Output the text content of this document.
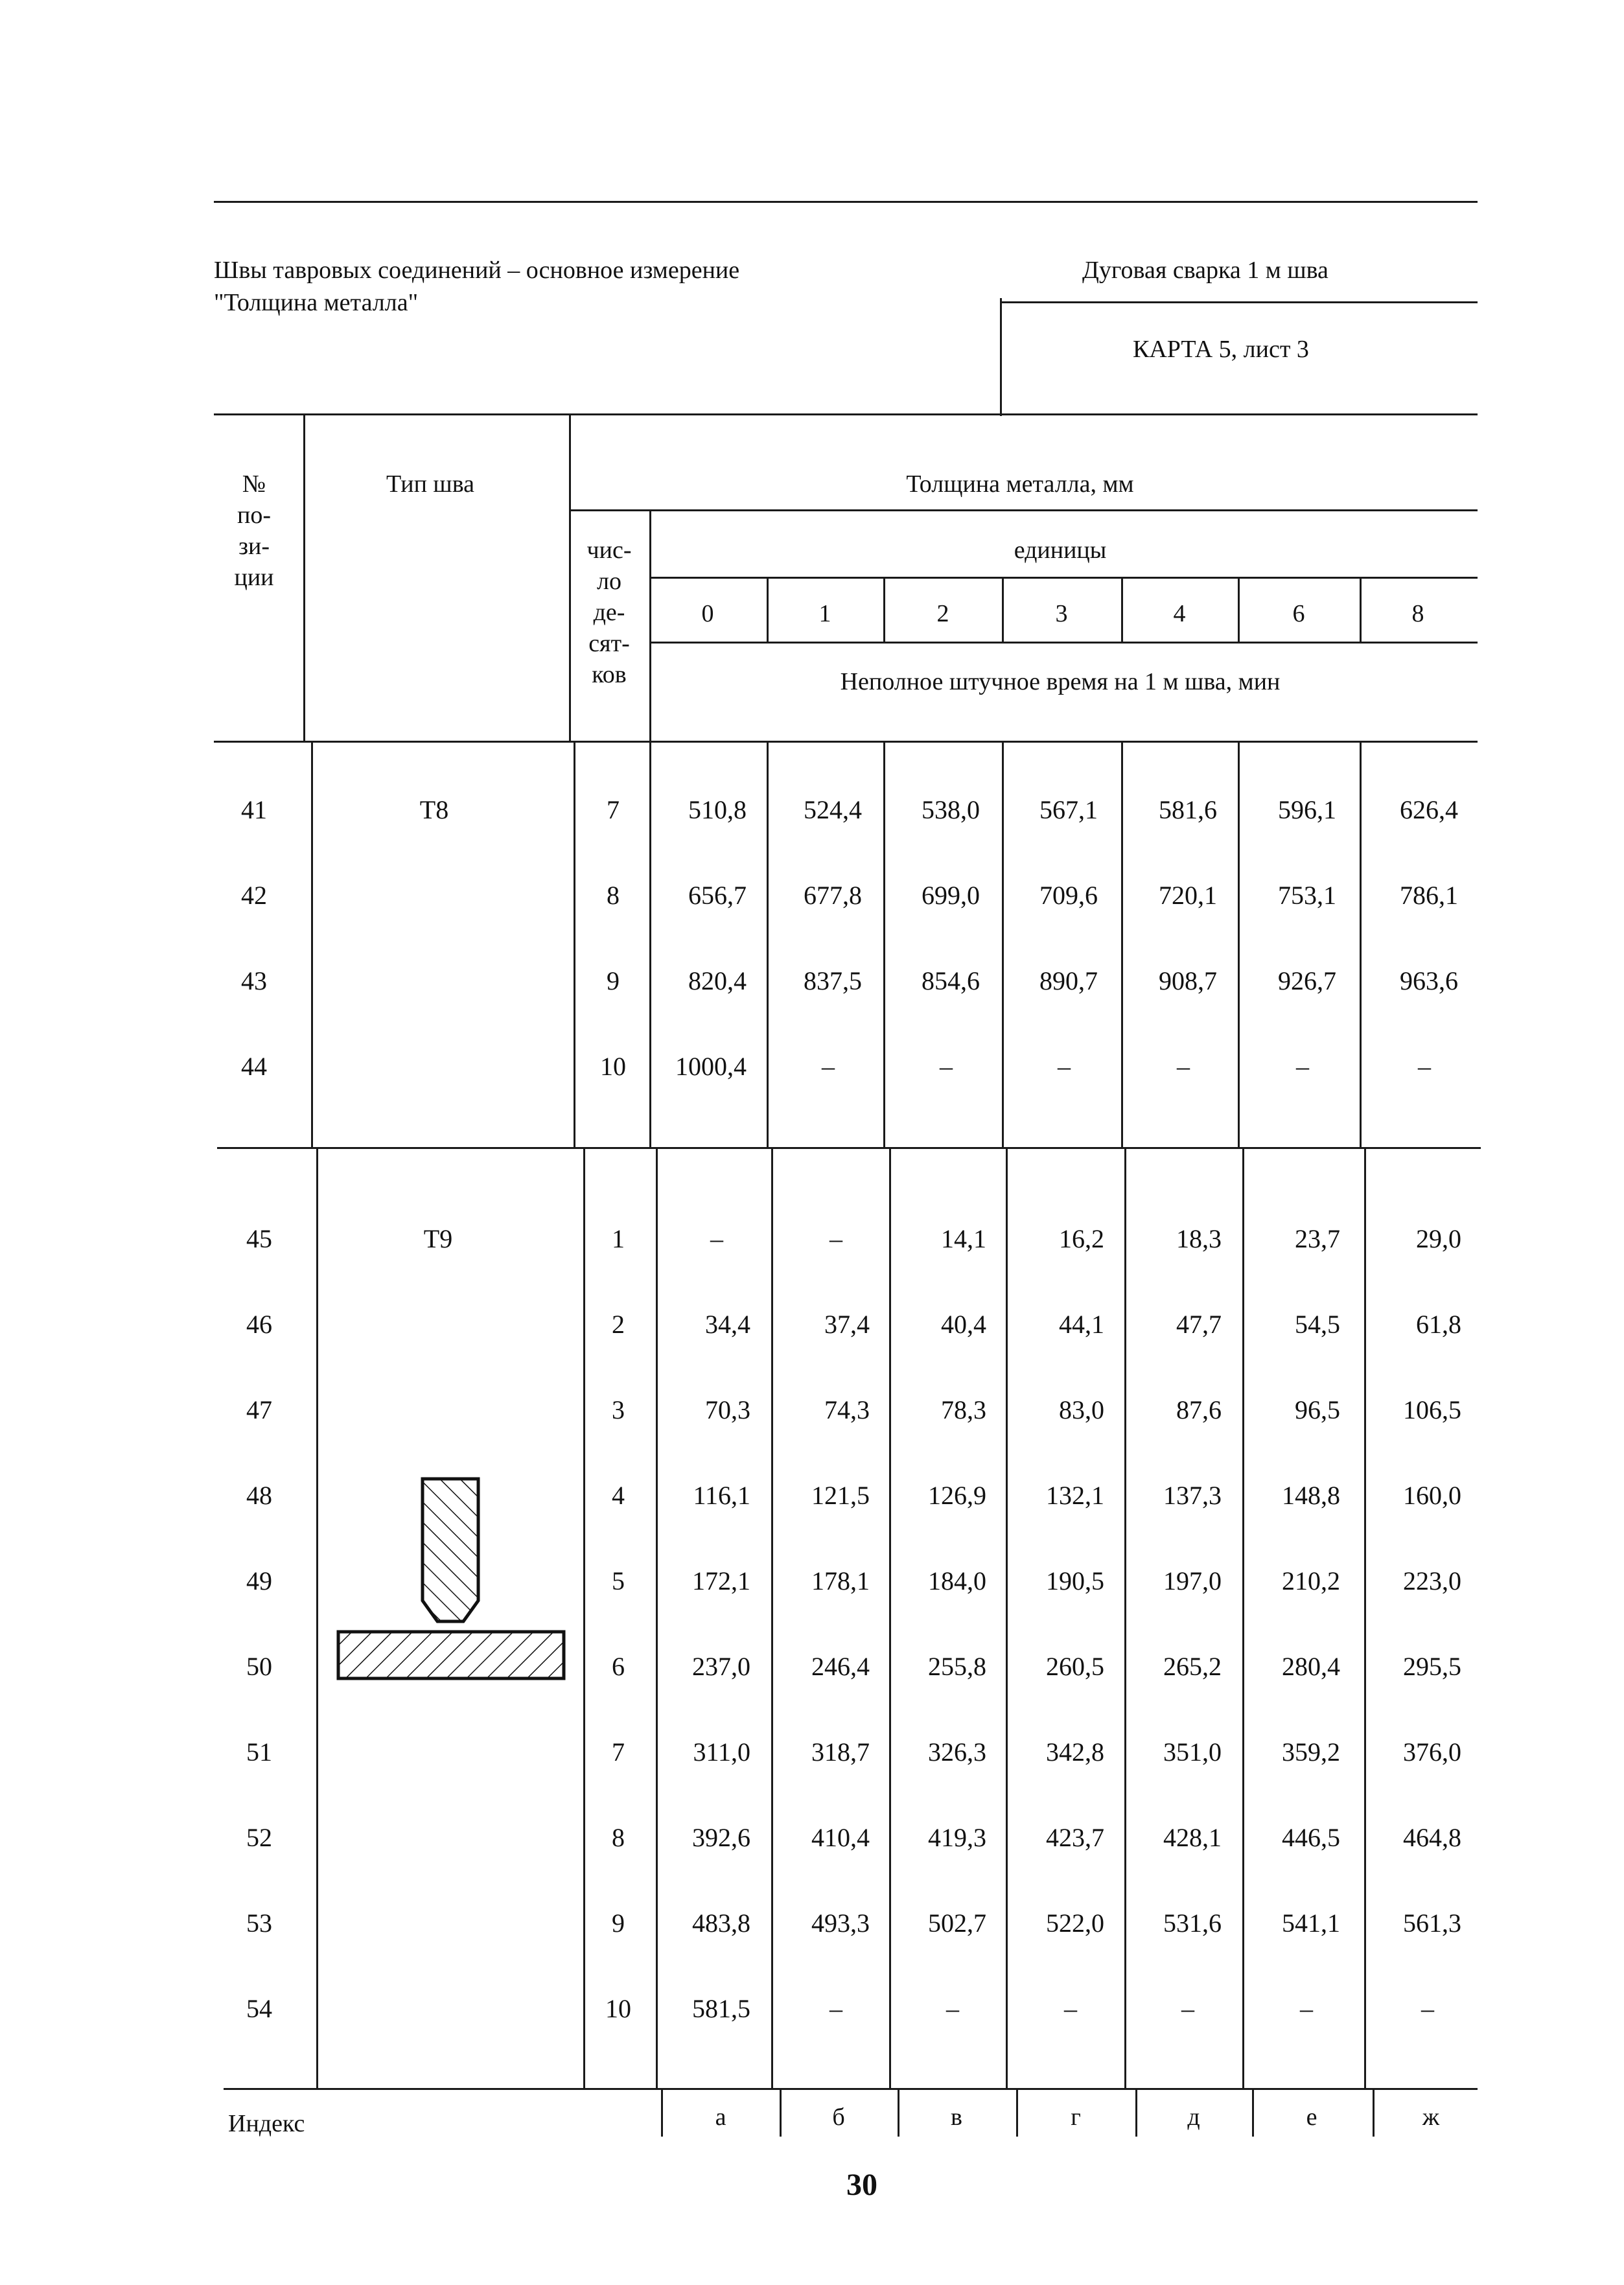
Швы тавровых соединений – основное измерение
"Толщина металла"
Дуговая сварка 1 м шва
КАРТА 5, лист 3
№
по-
зи-
ции
Тип шва	Толщина металла, мм
чис-
ло
де-
сят-
ков
единицы
0	1	2	3	4	6	8
Неполное штучное время на 1 м шва, мин
Т8
41	7	510,8 524,4 538,0 567,1 581,6 596,1 626,4
42	8	656,7 677,8 699,0 709,6 720,1 753,1 786,1
43	9	820,4 837,5 854,6 890,7 908,7 926,7 963,6
44	10 1000,4	–	–	–	–	–	–
Т9
45	1	–	–	14,1	16,2	18,3	23,7	29,0
46	2	34,4	37,4	40,4	44,1	47,7	54,5	61,8
47	3	70,3	74,3	78,3	83,0	87,6	96,5 106,5
48	4	116,1 121,5 126,9 132,1 137,3 148,8 160,0
49	5	172,1 178,1 184,0 190,5 197,0 210,2 223,0
50	6	237,0 246,4 255,8 260,5 265,2 280,4 295,5
51	7	311,0 318,7 326,3 342,8 351,0 359,2 376,0
52	8	392,6 410,4 419,3 423,7 428,1 446,5 464,8
53	9	483,8 493,3 502,7 522,0 531,6 541,1 561,3
54	10 581,5	–	–	–	–	–	–
Индекс	а	б	в	г	д	е	ж
30
